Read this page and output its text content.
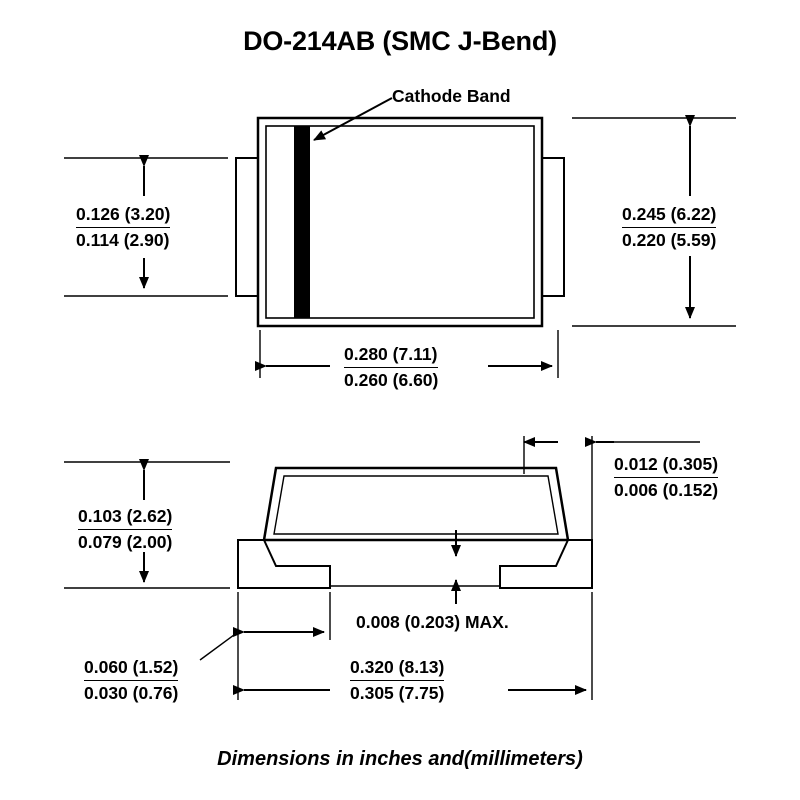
DO-214AB (SMC J-Bend)
Cathode Band
$\frac{0.126 (3.20)}{0.114 (2.90)}$	$\frac{0.245 (6.22)}{0.220 (5.59)}$
$\frac{0.280 (7.11)}{0.260 (6.60)}$
$\frac{0.103 (2.62)}{0.079 (2.00)}$
$\frac{0.012 (0.305)}{0.006 (0.152)}$
0.008 (0.203) MAX.
$\frac{0.060 (1.52)}{0.030 (0.76)}$	$\frac{0.320 (8.13)}{0.305 (7.75)}$
Dimensions in inches and(millimeters)
